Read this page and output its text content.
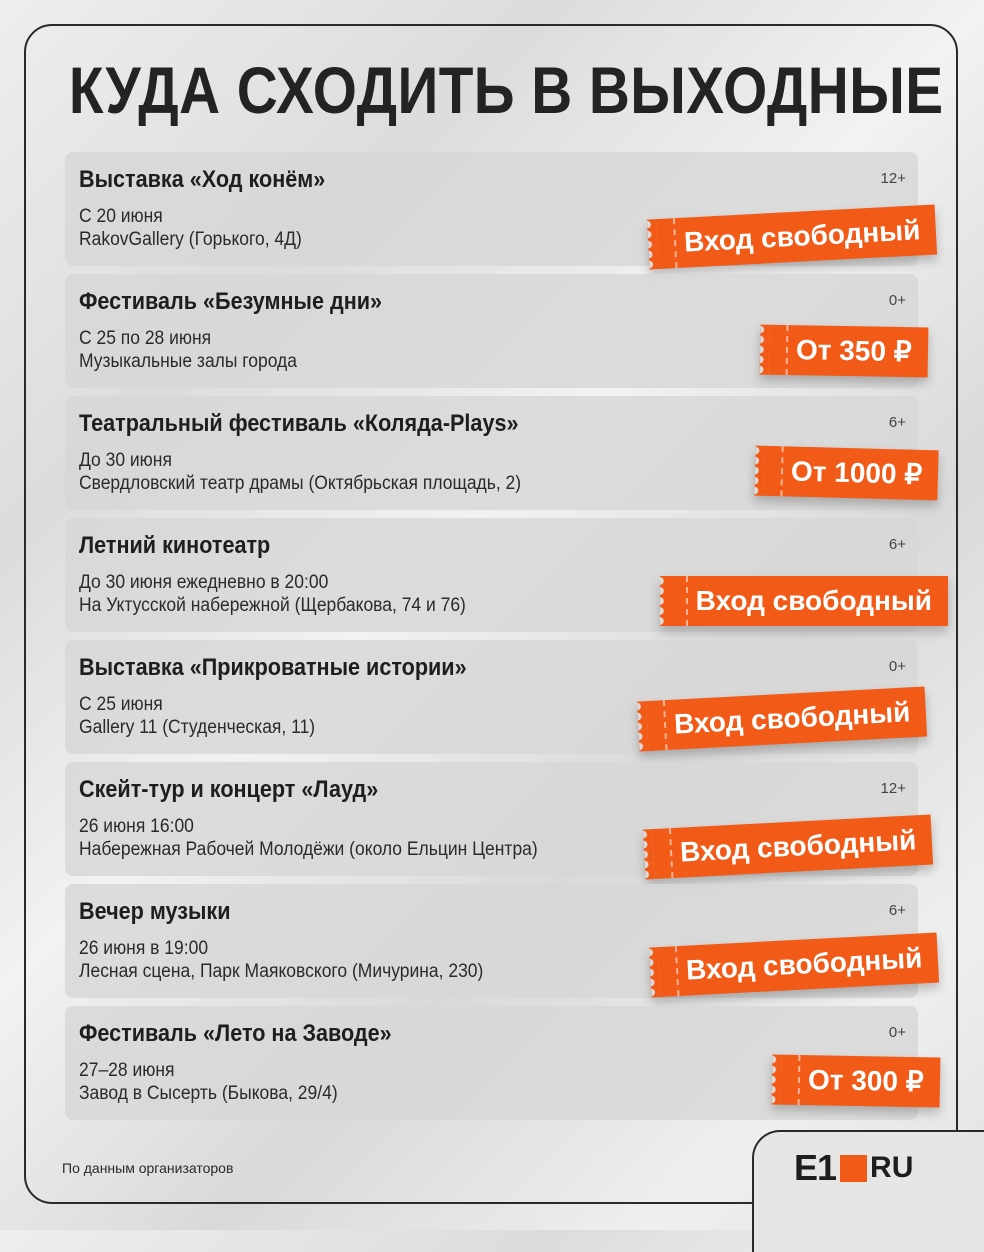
КУДА СХОДИТЬ В ВЫХОДНЫЕ
Выставка «Ход конём»
С 20 июня
RakovGallery (Горького, 4Д)
12+
Вход свободный
Фестиваль «Безумные дни»
С 25 по 28 июня
Музыкальные залы города
0+
От 350 ₽
Театральный фестиваль «Коляда-Plays»
До 30 июня
Свердловский театр драмы (Октябрьская площадь, 2)
6+
От 1000 ₽
Летний кинотеатр
До 30 июня ежедневно в 20:00
На Уктусской набережной (Щербакова, 74 и 76)
6+
Вход свободный
Выставка «Прикроватные истории»
С 25 июня
Gallery 11 (Студенческая, 11)
0+
Вход свободный
Скейт-тур и концерт «Лауд»
26 июня 16:00
Набережная Рабочей Молодёжи (около Ельцин Центра)
12+
Вход свободный
Вечер музыки
26 июня в 19:00
Лесная сцена, Парк Маяковского (Мичурина, 230)
6+
Вход свободный
Фестиваль «Лето на Заводе»
27–28 июня
Завод в Сысерть (Быкова, 29/4)
0+
От 300 ₽
По данным организаторов	E1 RU
